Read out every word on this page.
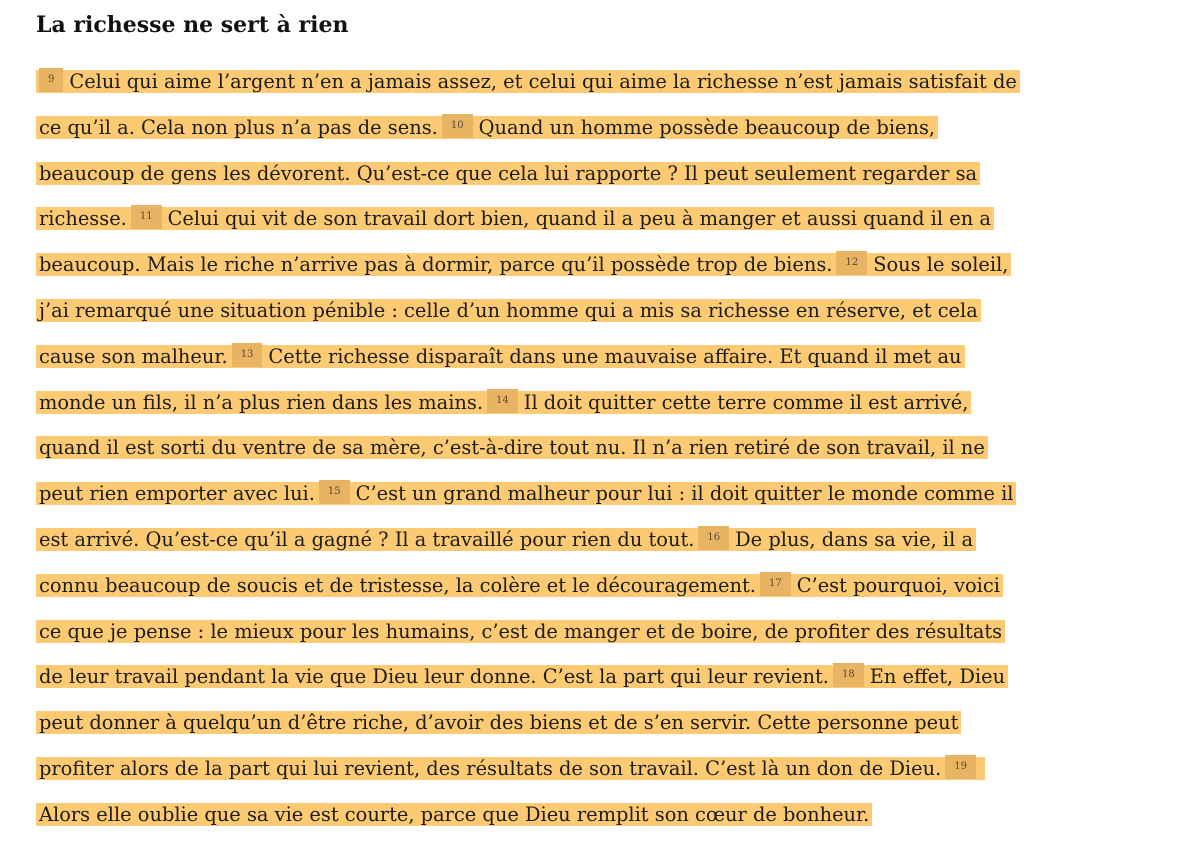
La richesse ne sert à rien
9 Celui qui aime l’argent n’en a jamais assez, et celui qui aime la richesse n’est jamais satisfait de
ce qu’il a. Cela non plus n’a pas de sens. 10 Quand un homme possède beaucoup de biens,
beaucoup de gens les dévorent. Qu’est-ce que cela lui rapporte ? Il peut seulement regarder sa
richesse. 11 Celui qui vit de son travail dort bien, quand il a peu à manger et aussi quand il en a
beaucoup. Mais le riche n’arrive pas à dormir, parce qu’il possède trop de biens. 12 Sous le soleil,
j’ai remarqué une situation pénible : celle d’un homme qui a mis sa richesse en réserve, et cela
cause son malheur. 13 Cette richesse disparaît dans une mauvaise affaire. Et quand il met au
monde un fils, il n’a plus rien dans les mains. 14 Il doit quitter cette terre comme il est arrivé,
quand il est sorti du ventre de sa mère, c’est-à-dire tout nu. Il n’a rien retiré de son travail, il ne
peut rien emporter avec lui. 15 C’est un grand malheur pour lui : il doit quitter le monde comme il
est arrivé. Qu’est-ce qu’il a gagné ? Il a travaillé pour rien du tout. 16 De plus, dans sa vie, il a
connu beaucoup de soucis et de tristesse, la colère et le découragement. 17 C’est pourquoi, voici
ce que je pense : le mieux pour les humains, c’est de manger et de boire, de profiter des résultats
de leur travail pendant la vie que Dieu leur donne. C’est la part qui leur revient. 18 En effet, Dieu
peut donner à quelqu’un d’être riche, d’avoir des biens et de s’en servir. Cette personne peut
profiter alors de la part qui lui revient, des résultats de son travail. C’est là un don de Dieu. 19
Alors elle oublie que sa vie est courte, parce que Dieu remplit son cœur de bonheur.
